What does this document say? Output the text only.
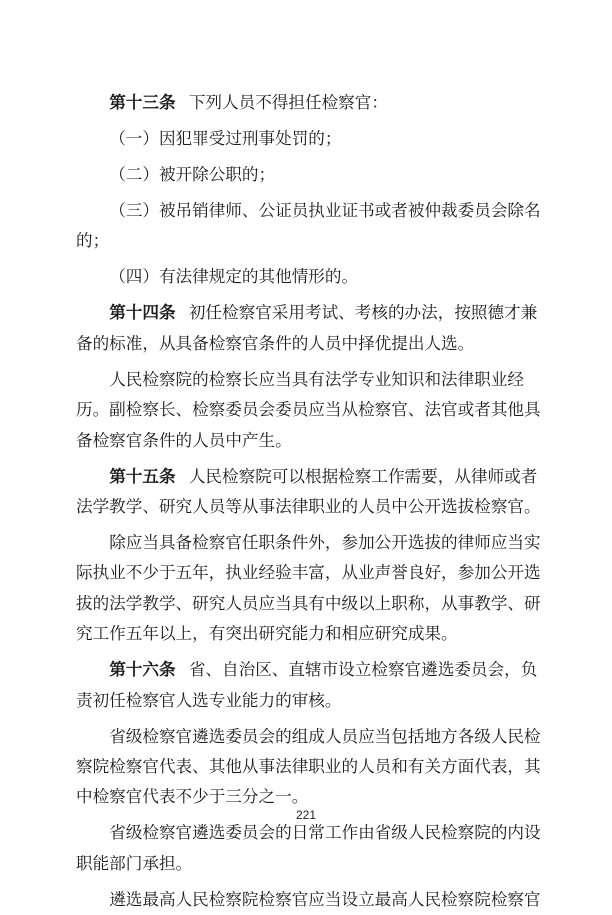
第十三条 下列人员不得担任检察官：

（一）因犯罪受过刑事处罚的；

（二）被开除公职的；

（三）被吊销律师、公证员执业证书或者被仲裁委员会除名的；

（四）有法律规定的其他情形的。

第十四条 初任检察官采用考试、考核的办法，按照德才兼备的标准，从具备检察官条件的人员中择优提出人选。

人民检察院的检察长应当具有法学专业知识和法律职业经历。副检察长、检察委员会委员应当从检察官、法官或者其他具备检察官条件的人员中产生。

第十五条 人民检察院可以根据检察工作需要，从律师或者法学教学、研究人员等从事法律职业的人员中公开选拔检察官。

除应当具备检察官任职条件外，参加公开选拔的律师应当实际执业不少于五年，执业经验丰富，从业声誉良好，参加公开选拔的法学教学、研究人员应当具有中级以上职称，从事教学、研究工作五年以上，有突出研究能力和相应研究成果。

第十六条 省、自治区、直辖市设立检察官遴选委员会，负责初任检察官人选专业能力的审核。

省级检察官遴选委员会的组成人员应当包括地方各级人民检察院检察官代表、其他从事法律职业的人员和有关方面代表，其中检察官代表不少于三分之一。

省级检察官遴选委员会的日常工作由省级人民检察院的内设职能部门承担。

遴选最高人民检察院检察官应当设立最高人民检察院检察官

221
